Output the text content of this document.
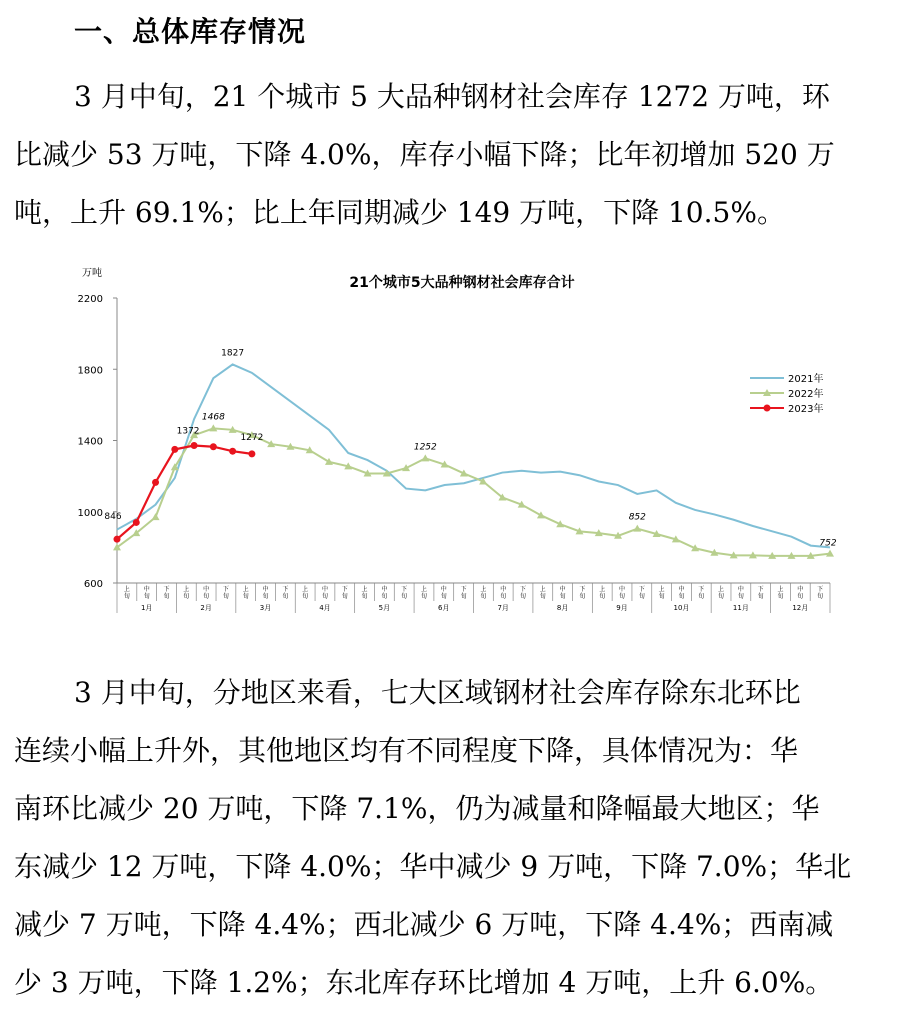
一、总体库存情况
3 月中旬，21 个城市 5 大品种钢材社会库存 1272 万吨，环
比减少 53 万吨，下降 4.0%，库存小幅下降；比年初增加 520 万
吨，上升 69.1%；比上年同期减少 149 万吨，下降 10.5%。
21个城市5大品种钢材社会库存合计
万吨
600
1000
1400
1800
2200
上
旬
中
旬
下
旬
上
旬
中
旬
下
旬
上
旬
中
旬
下
旬
上
旬
中
旬
下
旬
上
旬
中
旬
下
旬
上
旬
中
旬
下
旬
上
旬
中
旬
下
旬
上
旬
中
旬
下
旬
上
旬
中
旬
下
旬
上
旬
中
旬
下
旬
上
旬
中
旬
下
旬
上
旬
中
旬
下
旬
1月	2月	3月	4月	5月	6月	7月	8月	9月	10月	11月	12月
1827
1468
1252
852
752
846
1372
1272
2021年
2022年
2023年
3 月中旬，分地区来看，七大区域钢材社会库存除东北环比
连续小幅上升外，其他地区均有不同程度下降，具体情况为：华
南环比减少 20 万吨，下降 7.1%，仍为减量和降幅最大地区；华
东减少 12 万吨，下降 4.0%；华中减少 9 万吨，下降 7.0%；华北
减少 7 万吨，下降 4.4%；西北减少 6 万吨，下降 4.4%；西南减
少 3 万吨，下降 1.2%；东北库存环比增加 4 万吨，上升 6.0%。
